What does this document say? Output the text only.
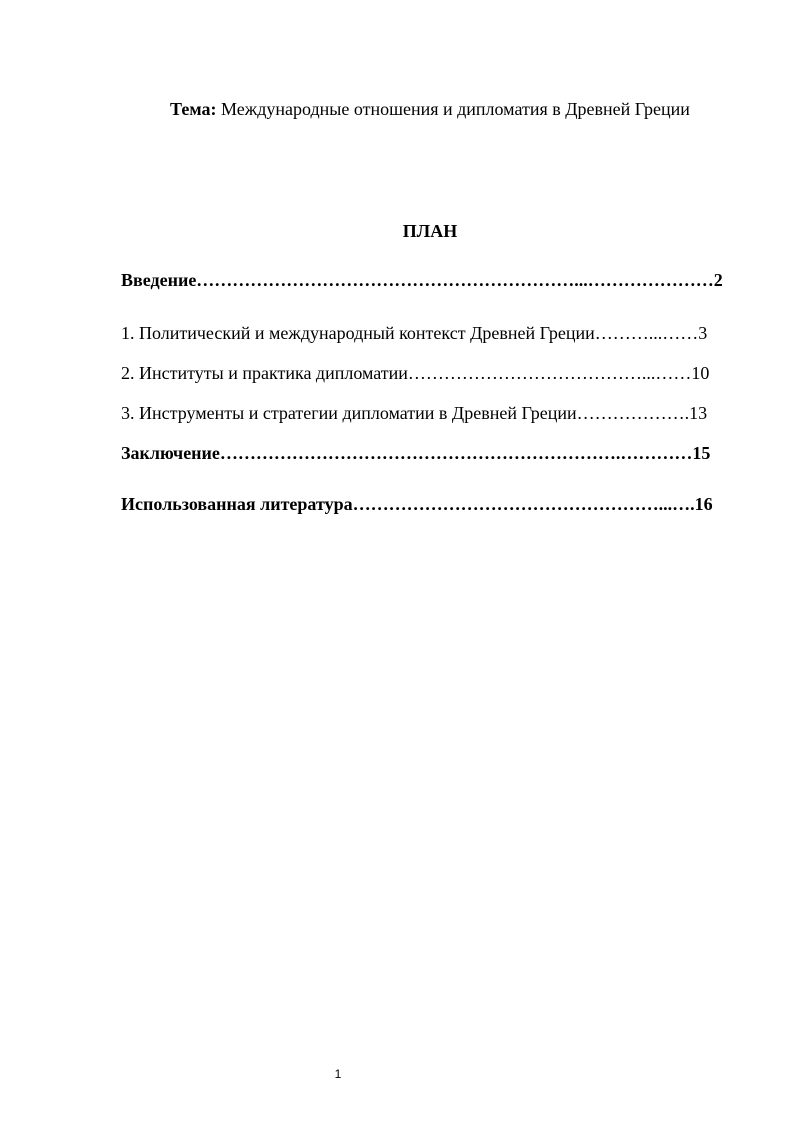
Тема: Международные отношения и дипломатия в Древней Греции
ПЛАН
Введение………………………………………………………...…………………2
1. Политический и международный контекст Древней Греции………...……3
2. Институты и практика дипломатии…………………………………...……10
3. Инструменты и стратегии дипломатии в Древней Греции……………….13
Заключение………………………………………………………….…………15
Использованная литература……………………………………………...….16
1
